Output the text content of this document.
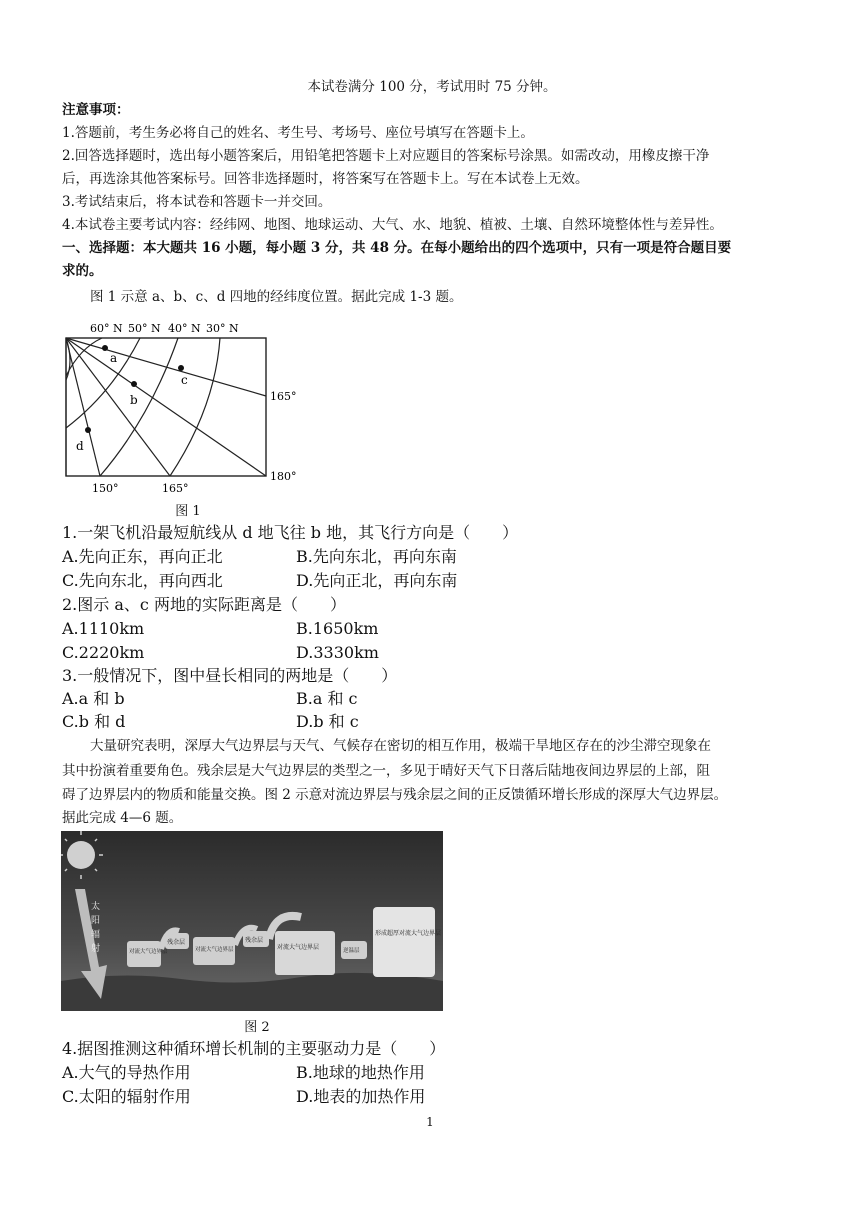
本试卷满分 100 分，考试用时 75 分钟。
注意事项：
1.答题前，考生务必将自己的姓名、考生号、考场号、座位号填写在答题卡上。
2.回答选择题时，选出每小题答案后，用铅笔把答题卡上对应题目的答案标号涂黑。如需改动，用橡皮擦干净
后，再选涂其他答案标号。回答非选择题时，将答案写在答题卡上。写在本试卷上无效。
3.考试结束后，将本试卷和答题卡一并交回。
4.本试卷主要考试内容：经纬网、地图、地球运动、大气、水、地貌、植被、土壤、自然环境整体性与差异性。
一、选择题：本大题共 16 小题，每小题 3 分，共 48 分。在每小题给出的四个选项中，只有一项是符合题目要
求的。
图 1 示意 a、b、c、d 四地的经纬度位置。据此完成 1-3 题。
a
b
c
d
60° N 50° N 40° N 30° N
165°
180°
150°	165°
图 1
1.一架飞机沿最短航线从 d 地飞往 b 地，其飞行方向是（　　）
A.先向正东，再向正北	B.先向东北，再向东南
C.先向东北，再向西北	D.先向正北，再向东南
2.图示 a、c 两地的实际距离是（　　）
A.1110km	B.1650km
C.2220km	D.3330km
3.一般情况下，图中昼长相同的两地是（　　）
A.a 和 b	B.a 和 c
C.b 和 d	D.b 和 c
大量研究表明，深厚大气边界层与天气、气候存在密切的相互作用，极端干旱地区存在的沙尘滞空现象在
其中扮演着重要角色。残余层是大气边界层的类型之一，多见于晴好天气下日落后陆地夜间边界层的上部，阻
碍了边界层内的物质和能量交换。图 2 示意对流边界层与残余层之间的正反馈循环增长形成的深厚大气边界层。
据此完成 4—6 题。
太
阳
辐
射	对流大气边界层
残余层
对流大气边界层
残余层
对流大气边界层	逆温层
形成超厚对流大气边界层
图 2
4.据图推测这种循环增长机制的主要驱动力是（　　）
A.大气的导热作用	B.地球的地热作用
C.太阳的辐射作用	D.地表的加热作用
1
